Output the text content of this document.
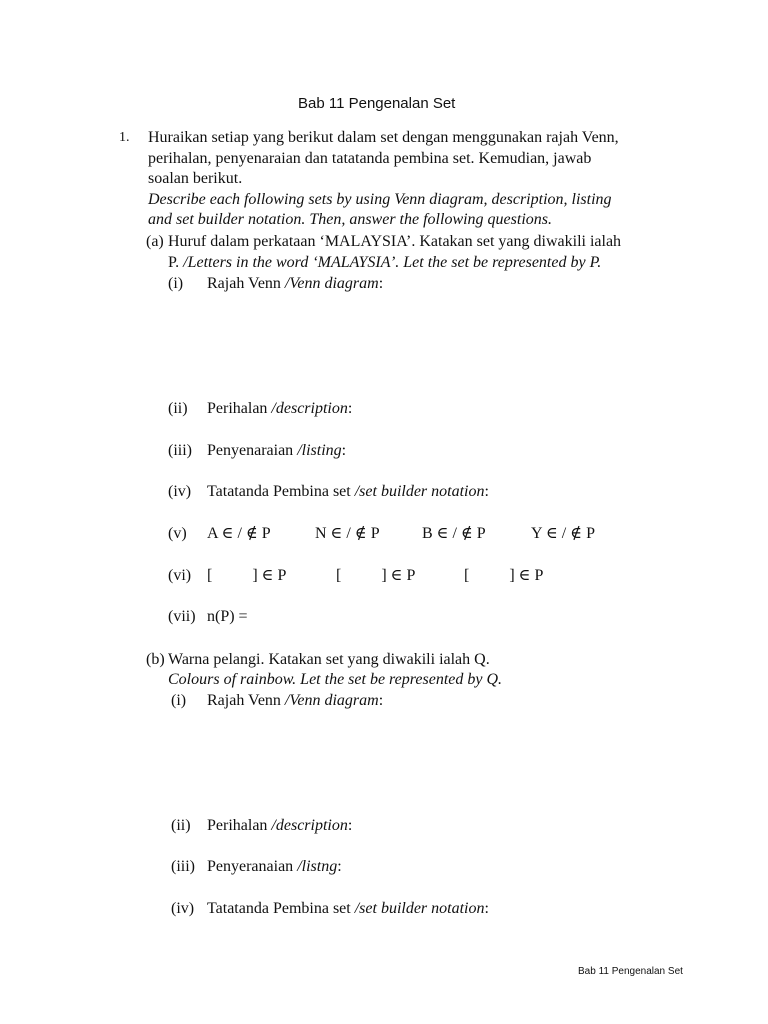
Bab 11 Pengenalan Set
1. Huraikan setiap yang berikut dalam set dengan menggunakan rajah Venn,
perihalan, penyenaraian dan tatatanda pembina set. Kemudian, jawab
soalan berikut.
Describe each following sets by using Venn diagram, description, listing
and set builder notation. Then, answer the following questions.
(a) Huruf dalam perkataan ‘MALAYSIA’. Katakan set yang diwakili ialah
P. /Letters in the word ‘MALAYSIA’. Let the set be represented by P.
(i) Rajah Venn /Venn diagram:
(ii) Perihalan /description:
(iii) Penyenaraian /listing:
(iv) Tatatanda Pembina set /set builder notation:
(v) A ∈ / ∉ P	N ∈ / ∉ P	B ∈ / ∉ P	Y ∈ / ∉ P
(vi) [          ] ∈ P	[          ] ∈ P	[          ] ∈ P
(vii) n(P) =
(b) Warna pelangi. Katakan set yang diwakili ialah Q.
Colours of rainbow. Let the set be represented by Q.
(i) Rajah Venn /Venn diagram:
(ii) Perihalan /description:
(iii) Penyeranaian /listng:
(iv) Tatatanda Pembina set /set builder notation:
Bab 11 Pengenalan Set
